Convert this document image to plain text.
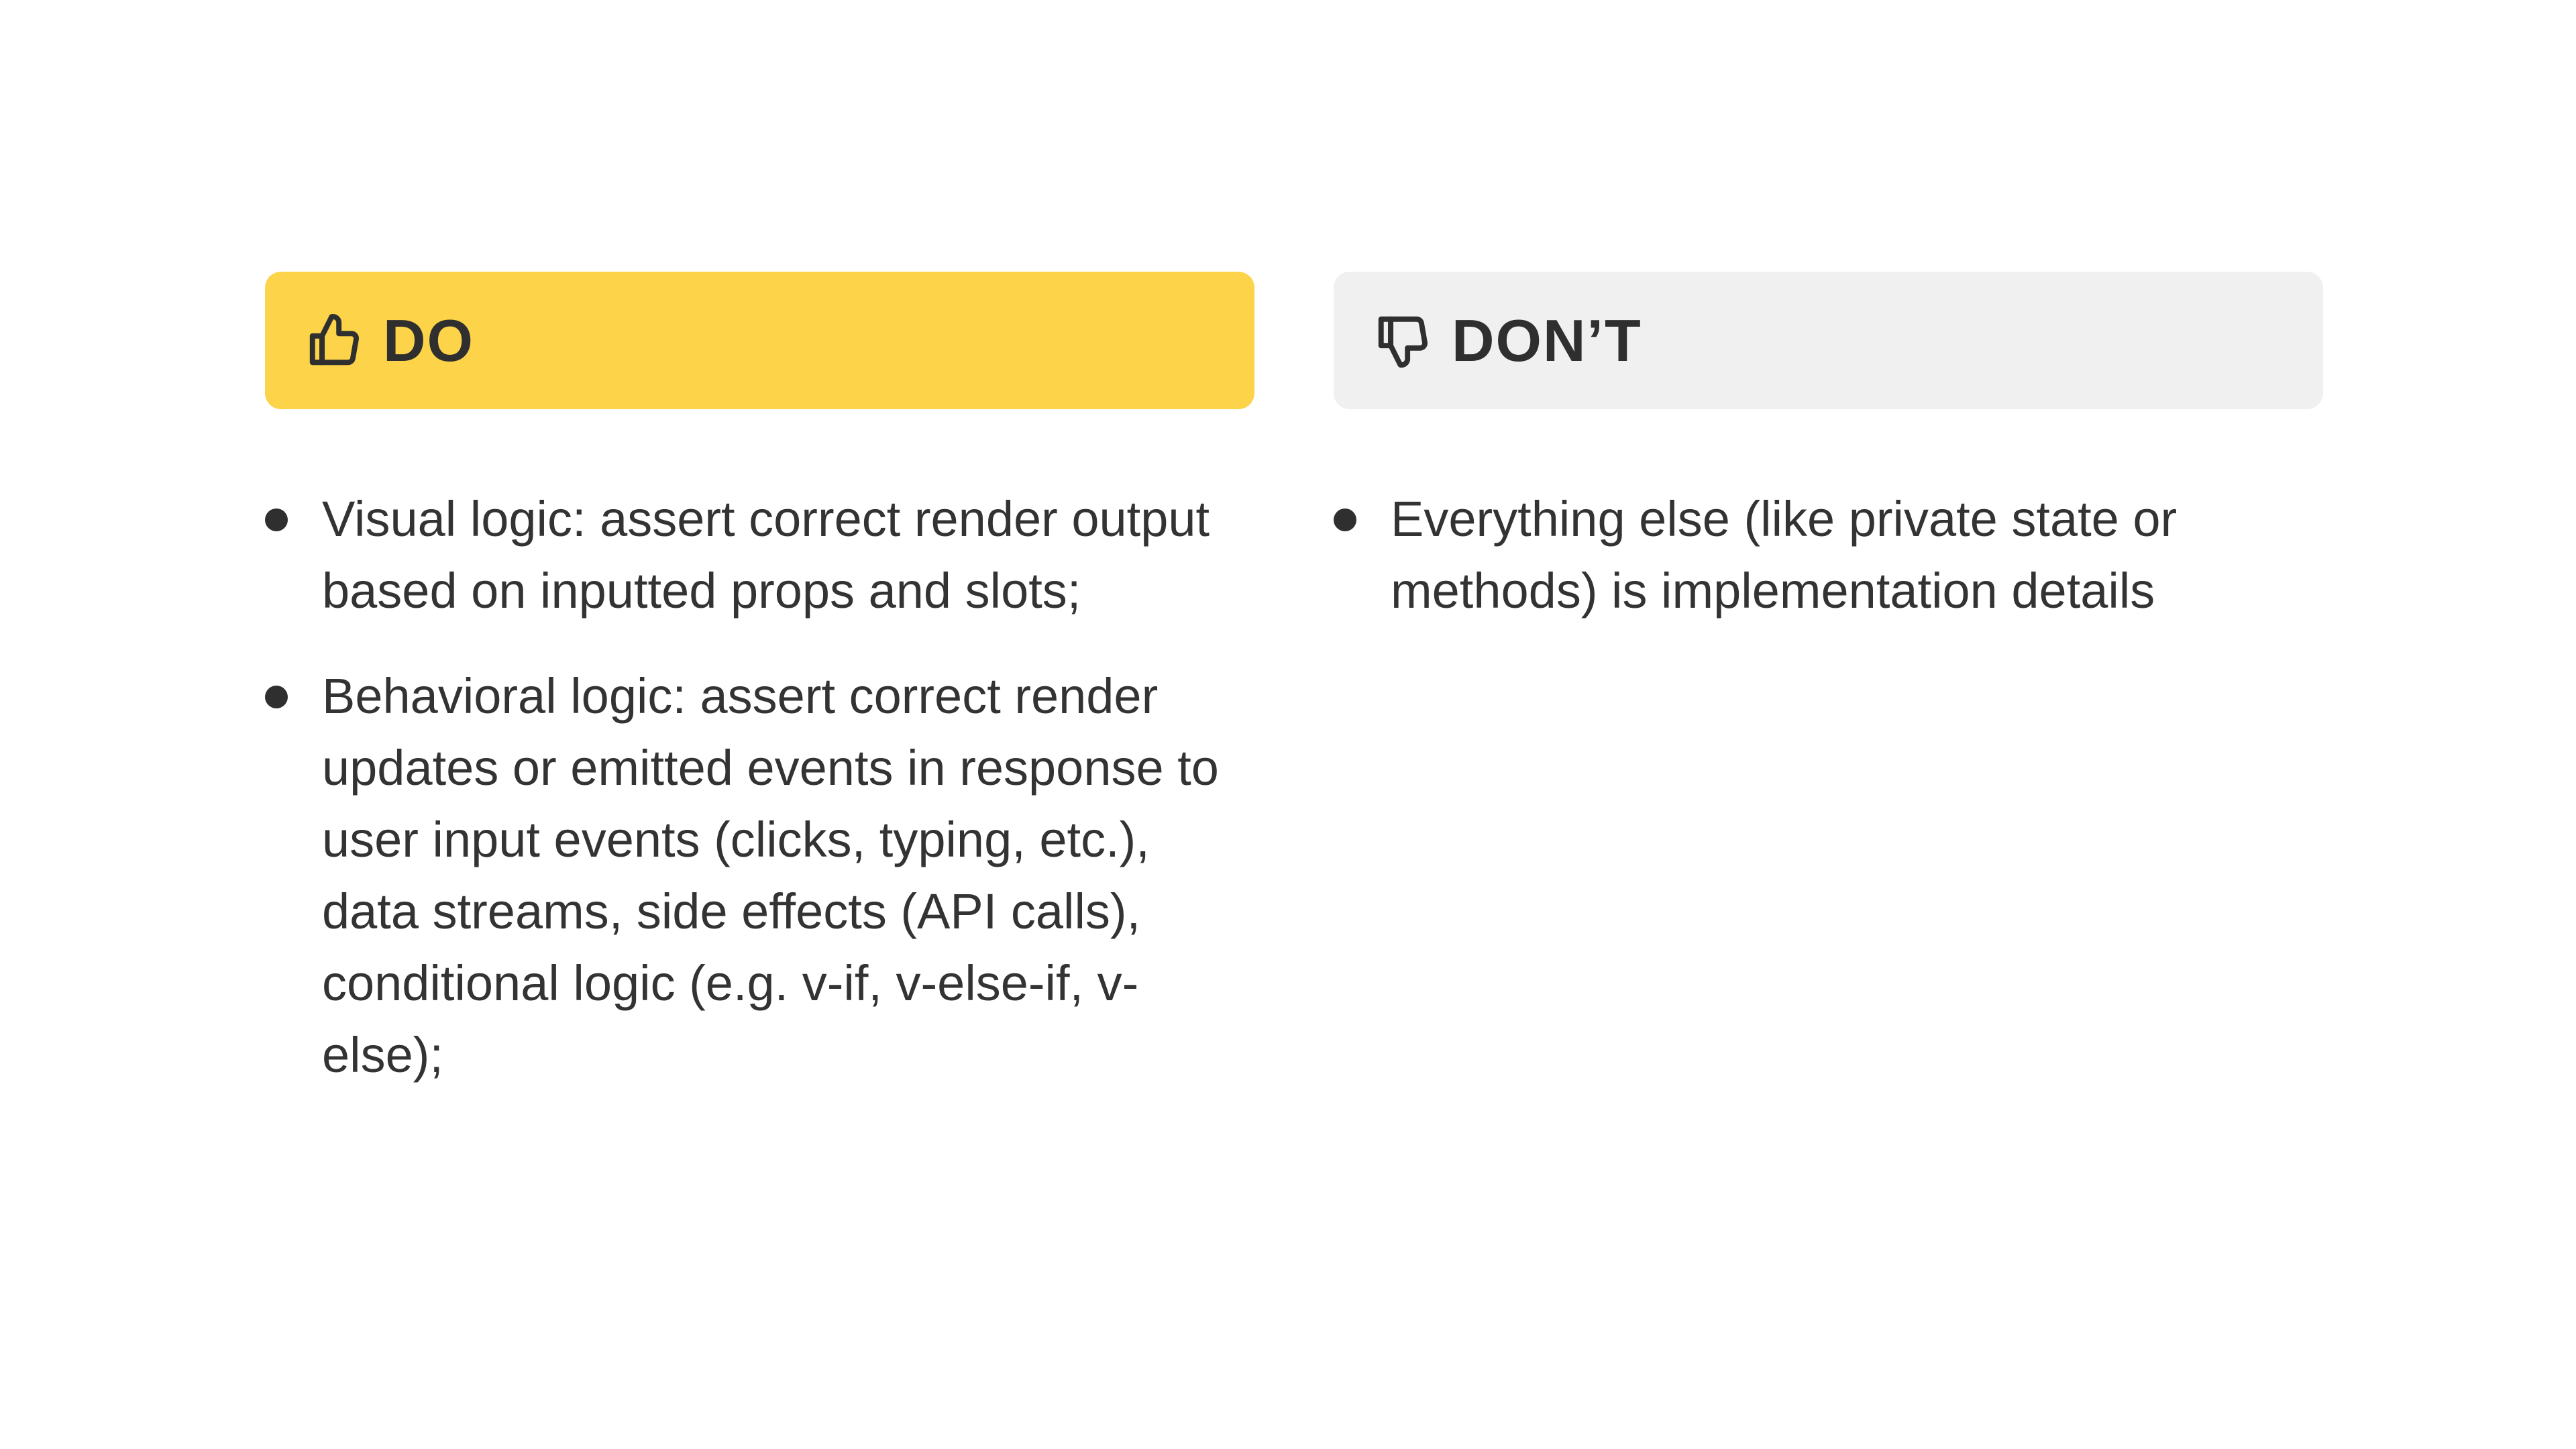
DO
Visual logic: assert correct render output based on inputted props and slots;
Behavioral logic: assert correct render updates or emitted events in response to user input events (clicks, typing, etc.), data streams, side effects (API calls), conditional logic (e.g. v-if, v-else-if, v-else);
DON’T
Everything else (like private state or methods) is implementation details
